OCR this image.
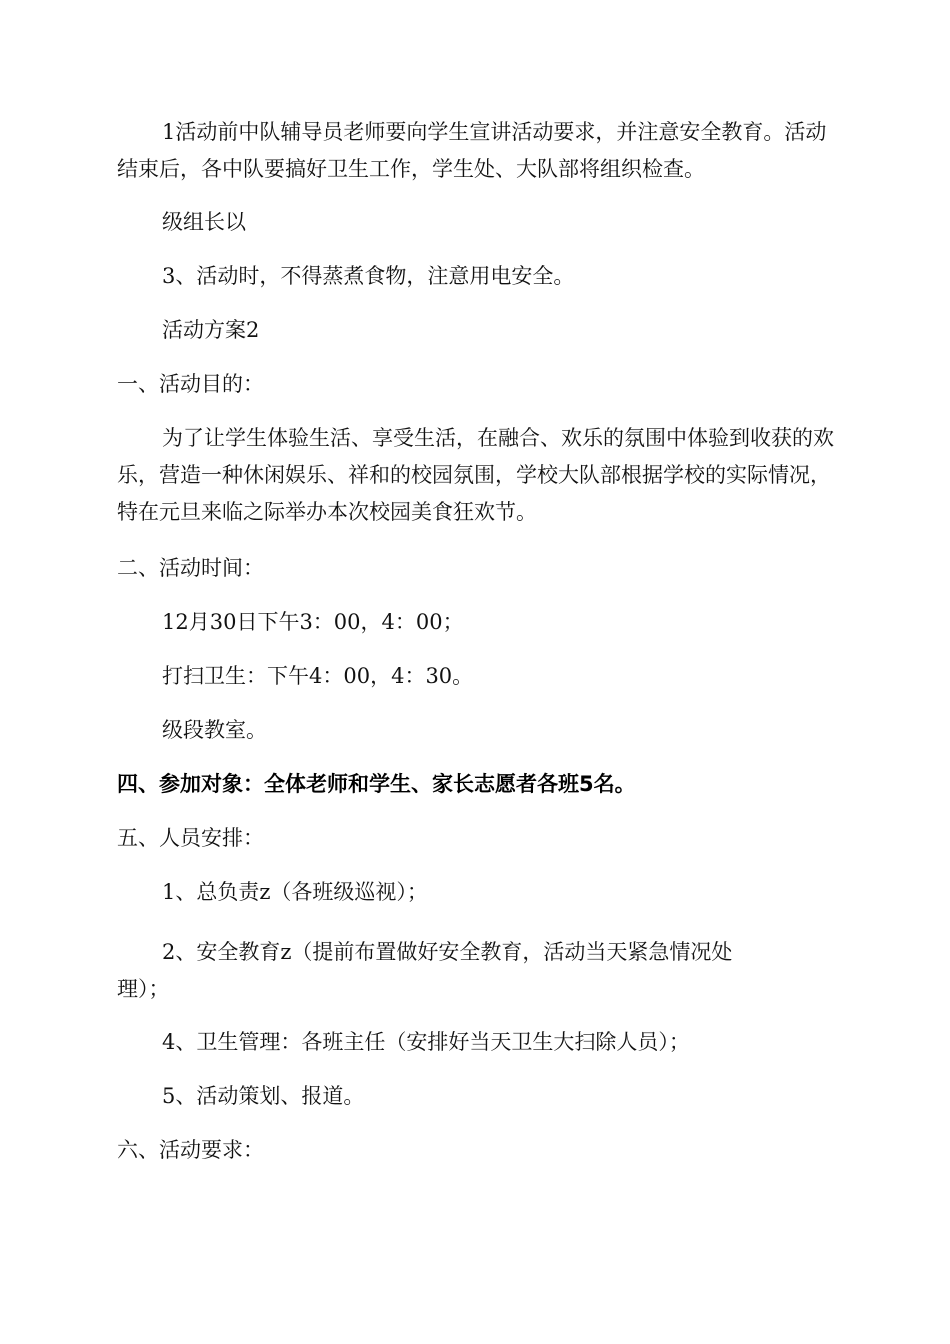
1活动前中队辅导员老师要向学生宣讲活动要求，并注意安全教育。活动结束后，各中队要搞好卫生工作，学生处、大队部将组织检查。

级组长以

3、活动时，不得蒸煮食物，注意用电安全。

活动方案2

一、活动目的：

为了让学生体验生活、享受生活，在融合、欢乐的氛围中体验到收获的欢乐，营造一种休闲娱乐、祥和的校园氛围，学校大队部根据学校的实际情况，特在元旦来临之际举办本次校园美食狂欢节。

二、活动时间：

12月30日下午3：00，4：00；

打扫卫生：下午4：00，4：30。

级段教室。

四、参加对象：全体老师和学生、家长志愿者各班5名。

五、人员安排：

1、总负责z（各班级巡视）；

2、安全教育z（提前布置做好安全教育，活动当天紧急情况处理）；

4、卫生管理：各班主任（安排好当天卫生大扫除人员）；

5、活动策划、报道。

六、活动要求：
